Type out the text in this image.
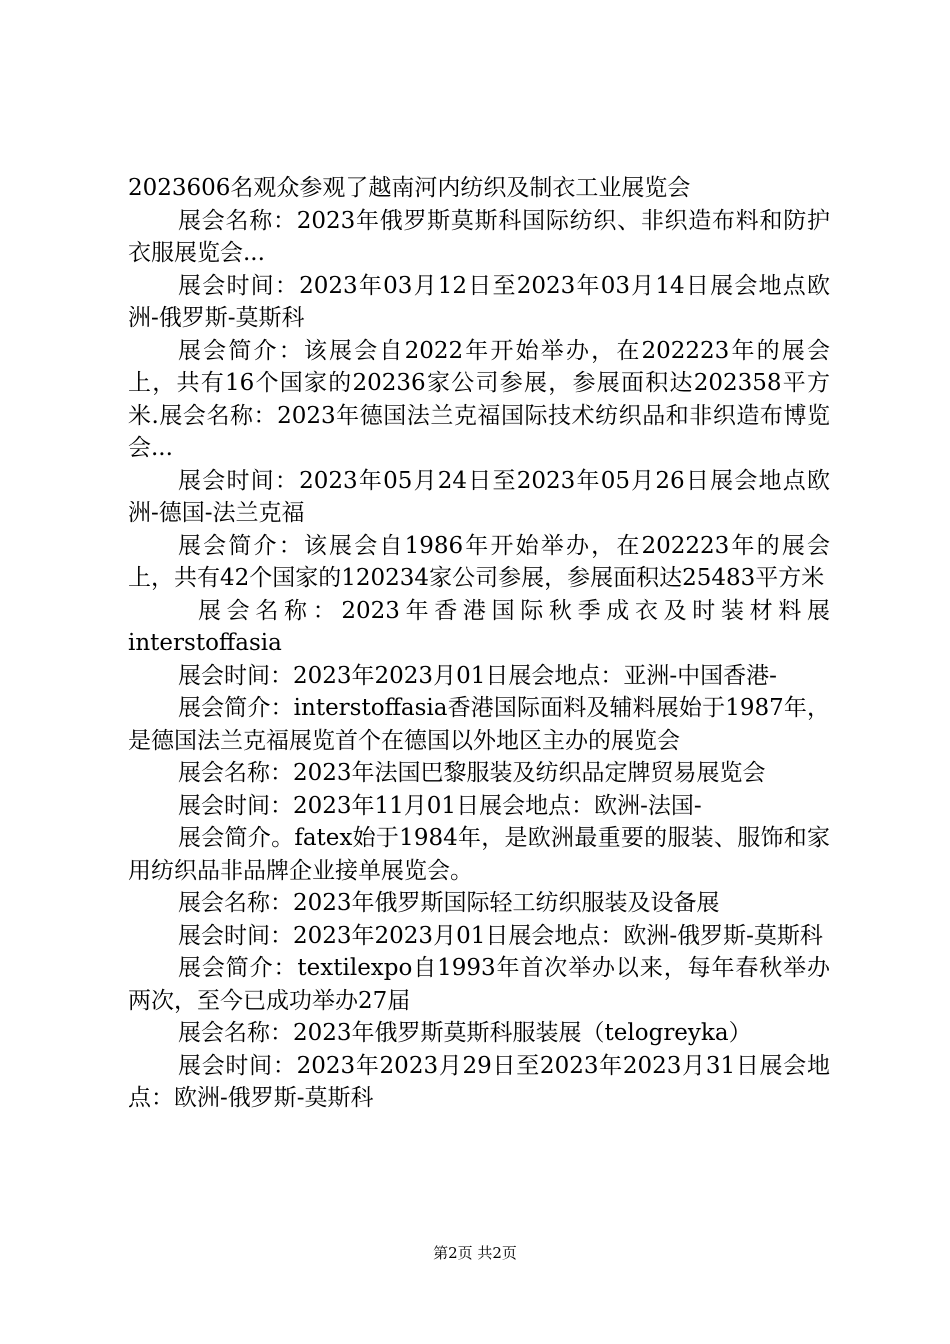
2023606名观众参观了越南河内纺织及制衣工业展览会

展会名称：2023年俄罗斯莫斯科国际纺织、非织造布料和防护衣服展览会...

展会时间：2023年03月12日至2023年03月14日展会地点欧洲-俄罗斯-莫斯科

展会简介：该展会自2022年开始举办，在202223年的展会上，共有16个国家的20236家公司参展，参展面积达202358平方米.展会名称：2023年德国法兰克福国际技术纺织品和非织造布博览会...

展会时间：2023年05月24日至2023年05月26日展会地点欧洲-德国-法兰克福

展会简介：该展会自1986年开始举办，在202223年的展会上，共有42个国家的120234家公司参展，参展面积达25483平方米

展会名称：2023年香港国际秋季成衣及时装材料展interstoffasia

展会时间：2023年2023月01日展会地点：亚洲-中国香港-

展会简介：interstoffasia香港国际面料及辅料展始于1987年，是德国法兰克福展览首个在德国以外地区主办的展览会

展会名称：2023年法国巴黎服装及纺织品定牌贸易展览会

展会时间：2023年11月01日展会地点：欧洲-法国-

展会简介。fatex始于1984年，是欧洲最重要的服装、服饰和家用纺织品非品牌企业接单展览会。

展会名称：2023年俄罗斯国际轻工纺织服装及设备展

展会时间：2023年2023月01日展会地点：欧洲-俄罗斯-莫斯科

展会简介：textilexpo自1993年首次举办以来，每年春秋举办两次，至今已成功举办27届

展会名称：2023年俄罗斯莫斯科服装展（telogreyka）

展会时间：2023年2023月29日至2023年2023月31日展会地点：欧洲-俄罗斯-莫斯科

第2页 共2页
